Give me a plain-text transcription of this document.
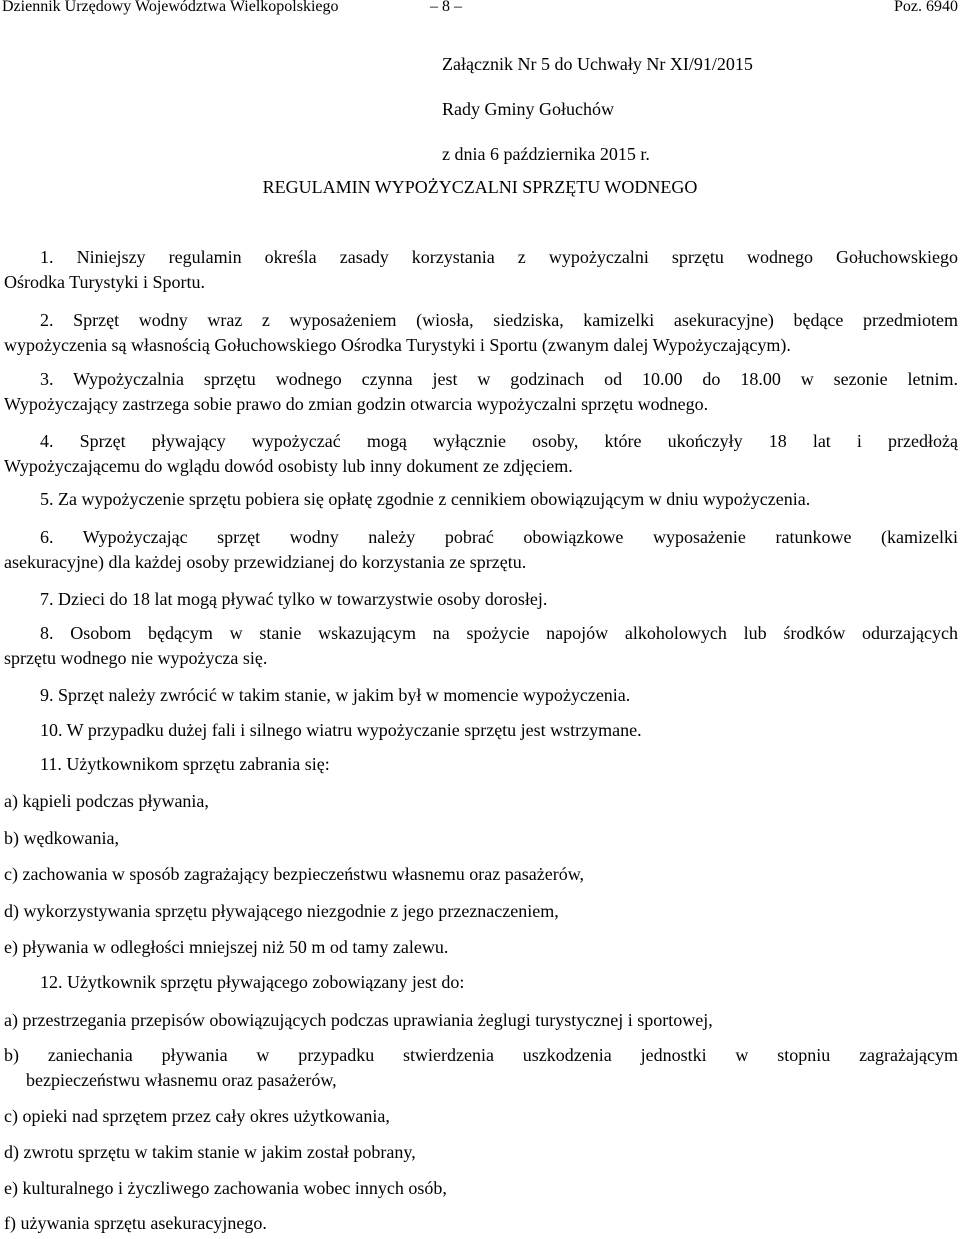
Dziennik Urzędowy Województwa Wielkopolskiego	– 8 –	Poz. 6940
Załącznik Nr 5 do Uchwały Nr XI/91/2015
Rady Gminy Gołuchów
z dnia 6 października 2015 r.
REGULAMIN WYPOŻYCZALNI SPRZĘTU WODNEGO
1. Niniejszy regulamin określa zasady korzystania z wypożyczalni sprzętu wodnego Gołuchowskiego
Ośrodka Turystyki i Sportu.
2. Sprzęt wodny wraz z wyposażeniem (wiosła, siedziska, kamizelki asekuracyjne) będące przedmiotem
wypożyczenia są własnością Gołuchowskiego Ośrodka Turystyki i Sportu (zwanym dalej Wypożyczającym).
3. Wypożyczalnia sprzętu wodnego czynna jest w godzinach od 10.00 do 18.00 w sezonie letnim.
Wypożyczający zastrzega sobie prawo do zmian godzin otwarcia wypożyczalni sprzętu wodnego.
4. Sprzęt pływający wypożyczać mogą wyłącznie osoby, które ukończyły 18 lat i przedłożą
Wypożyczającemu do wglądu dowód osobisty lub inny dokument ze zdjęciem.
5. Za wypożyczenie sprzętu pobiera się opłatę zgodnie z cennikiem obowiązującym w dniu wypożyczenia.
6. Wypożyczając sprzęt wodny należy pobrać obowiązkowe wyposażenie ratunkowe (kamizelki
asekuracyjne) dla każdej osoby przewidzianej do korzystania ze sprzętu.
7. Dzieci do 18 lat mogą pływać tylko w towarzystwie osoby dorosłej.
8. Osobom będącym w stanie wskazującym na spożycie napojów alkoholowych lub środków odurzających
sprzętu wodnego nie wypożycza się.
9. Sprzęt należy zwrócić w takim stanie, w jakim był w momencie wypożyczenia.
10. W przypadku dużej fali i silnego wiatru wypożyczanie sprzętu jest wstrzymane.
11. Użytkownikom sprzętu zabrania się:
a) kąpieli podczas pływania,
b) wędkowania,
c) zachowania w sposób zagrażający bezpieczeństwu własnemu oraz pasażerów,
d) wykorzystywania sprzętu pływającego niezgodnie z jego przeznaczeniem,
e) pływania w odległości mniejszej niż 50 m od tamy zalewu.
12. Użytkownik sprzętu pływającego zobowiązany jest do:
a) przestrzegania przepisów obowiązujących podczas uprawiania żeglugi turystycznej i sportowej,
b) zaniechania pływania w przypadku stwierdzenia uszkodzenia jednostki w stopniu zagrażającym
bezpieczeństwu własnemu oraz pasażerów,
c) opieki nad sprzętem przez cały okres użytkowania,
d) zwrotu sprzętu w takim stanie w jakim został pobrany,
e) kulturalnego i życzliwego zachowania wobec innych osób,
f) używania sprzętu asekuracyjnego.
